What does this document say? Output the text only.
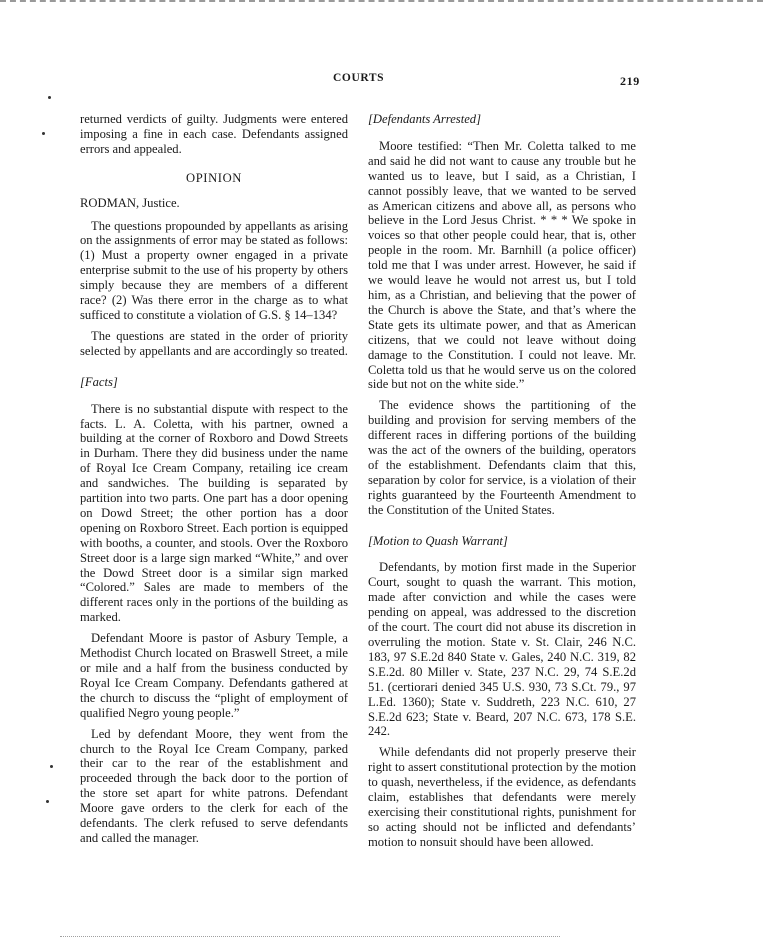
COURTS	219

returned verdicts of guilty. Judgments were entered imposing a fine in each case. Defendants assigned errors and appealed.

OPINION
RODMAN, Justice.

The questions propounded by appellants as arising on the assignments of error may be stated as follows: (1) Must a property owner engaged in a private enterprise submit to the use of his property by others simply because they are members of a different race? (2) Was there error in the charge as to what sufficed to constitute a violation of G.S. § 14–134?

The questions are stated in the order of priority selected by appellants and are accordingly so treated.

[Facts]

There is no substantial dispute with respect to the facts. L. A. Coletta, with his partner, owned a building at the corner of Roxboro and Dowd Streets in Durham. There they did business under the name of Royal Ice Cream Company, retailing ice cream and sandwiches. The building is separated by partition into two parts. One part has a door opening on Dowd Street; the other portion has a door opening on Roxboro Street. Each portion is equipped with booths, a counter, and stools. Over the Roxboro Street door is a large sign marked “White,” and over the Dowd Street door is a similar sign marked “Colored.” Sales are made to members of the different races only in the portions of the building as marked.

Defendant Moore is pastor of Asbury Temple, a Methodist Church located on Braswell Street, a mile or mile and a half from the business conducted by Royal Ice Cream Company. Defendants gathered at the church to discuss the “plight of employment of qualified Negro young people.”

Led by defendant Moore, they went from the church to the Royal Ice Cream Company, parked their car to the rear of the establishment and proceeded through the back door to the portion of the store set apart for white patrons. Defendant Moore gave orders to the clerk for each of the defendants. The clerk refused to serve defendants and called the manager.

[Defendants Arrested]

Moore testified: “Then Mr. Coletta talked to me and said he did not want to cause any trouble but he wanted us to leave, but I said, as a Christian, I cannot possibly leave, that we wanted to be served as American citizens and above all, as persons who believe in the Lord Jesus Christ. * * * We spoke in voices so that other people could hear, that is, other people in the room. Mr. Barnhill (a police officer) told me that I was under arrest. However, he said if we would leave he would not arrest us, but I told him, as a Christian, and believing that the power of the Church is above the State, and that’s where the State gets its ultimate power, and that as American citizens, that we could not leave without doing damage to the Constitution. I could not leave. Mr. Coletta told us that he would serve us on the colored side but not on the white side.”

The evidence shows the partitioning of the building and provision for serving members of the different races in differing portions of the building was the act of the owners of the building, operators of the establishment. Defendants claim that this, separation by color for service, is a violation of their rights guaranteed by the Fourteenth Amendment to the Constitution of the United States.

[Motion to Quash Warrant]

Defendants, by motion first made in the Superior Court, sought to quash the warrant. This motion, made after conviction and while the cases were pending on appeal, was addressed to the discretion of the court. The court did not abuse its discretion in overruling the motion. State v. St. Clair, 246 N.C. 183, 97 S.E.2d 840 State v. Gales, 240 N.C. 319, 82 S.E.2d. 80 Miller v. State, 237 N.C. 29, 74 S.E.2d 51. (certiorari denied 345 U.S. 930, 73 S.Ct. 79., 97 L.Ed. 1360); State v. Suddreth, 223 N.C. 610, 27 S.E.2d 623; State v. Beard, 207 N.C. 673, 178 S.E. 242.

While defendants did not properly preserve their right to assert constitutional protection by the motion to quash, nevertheless, if the evidence, as defendants claim, establishes that defendants were merely exercising their constitutional rights, punishment for so acting should not be inflicted and defendants’ motion to nonsuit should have been allowed.
